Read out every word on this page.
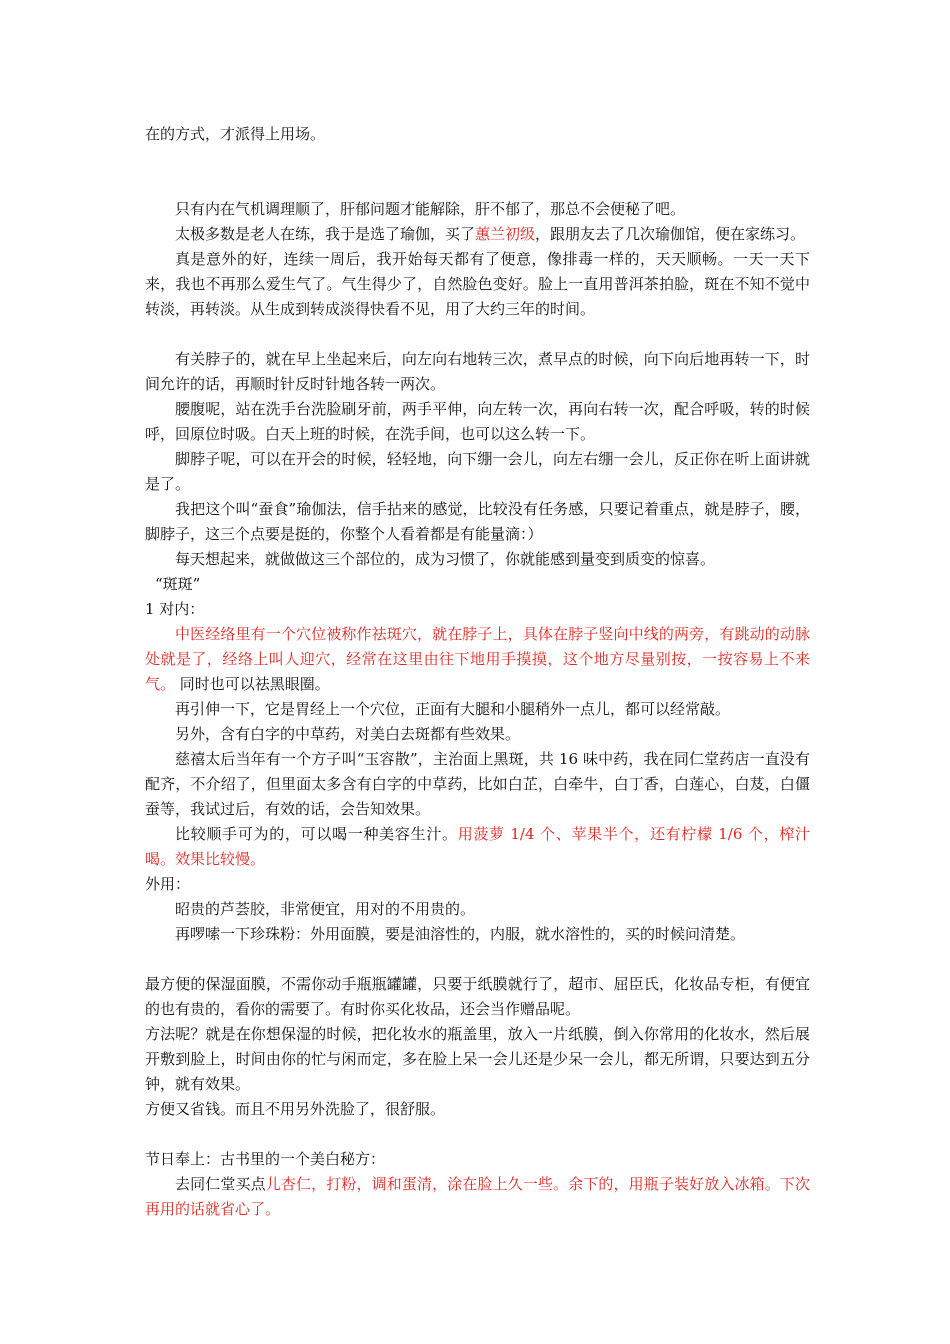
在的方式，才派得上用场。

只有内在气机调理顺了，肝郁问题才能解除，肝不郁了，那总不会便秘了吧。

太极多数是老人在练，我于是选了瑜伽，买了蕙兰初级，跟朋友去了几次瑜伽馆，便在家练习。

真是意外的好，连续一周后，我开始每天都有了便意，像排毒一样的，天天顺畅。一天一天下来，我也不再那么爱生气了。气生得少了，自然脸色变好。脸上一直用普洱茶拍脸，斑在不知不觉中转淡，再转淡。从生成到转成淡得快看不见，用了大约三年的时间。

有关脖子的，就在早上坐起来后，向左向右地转三次，煮早点的时候，向下向后地再转一下，时间允许的话，再顺时针反时针地各转一两次。

腰腹呢，站在洗手台洗脸刷牙前，两手平伸，向左转一次，再向右转一次，配合呼吸，转的时候呼，回原位时吸。白天上班的时候，在洗手间，也可以这么转一下。

脚脖子呢，可以在开会的时候，轻轻地，向下绷一会儿，向左右绷一会儿，反正你在听上面讲就是了。

我把这个叫“蚕食”瑜伽法，信手拈来的感觉，比较没有任务感，只要记着重点，就是脖子，腰，脚脖子，这三个点要是挺的，你整个人看着都是有能量滴：）

每天想起来，就做做这三个部位的，成为习惯了，你就能感到量变到质变的惊喜。

“斑斑”

1 对内：

中医经络里有一个穴位被称作祛斑穴，就在脖子上，具体在脖子竖向中线的两旁，有跳动的动脉处就是了，经络上叫人迎穴，经常在这里由往下地用手摸摸，这个地方尽量别按，一按容易上不来气。 同时也可以祛黑眼圈。

再引伸一下，它是胃经上一个穴位，正面有大腿和小腿稍外一点儿，都可以经常敲。

另外，含有白字的中草药，对美白去斑都有些效果。

慈禧太后当年有一个方子叫“玉容散”，主治面上黑斑，共 16 味中药，我在同仁堂药店一直没有配齐，不介绍了，但里面太多含有白字的中草药，比如白芷，白牵牛，白丁香，白莲心，白芨，白僵蚕等，我试过后，有效的话，会告知效果。

比较顺手可为的，可以喝一种美容生汁。用菠萝 1/4 个、苹果半个，还有柠檬 1/6 个，榨汁喝。效果比较慢。

外用：

昭贵的芦荟胶，非常便宜，用对的不用贵的。

再啰嗦一下珍珠粉：外用面膜，要是油溶性的，内服，就水溶性的，买的时候问清楚。

最方便的保湿面膜，不需你动手瓶瓶罐罐，只要于纸膜就行了，超市、屈臣氏，化妆品专柜，有便宜的也有贵的，看你的需要了。有时你买化妆品，还会当作赠品呢。

方法呢？就是在你想保湿的时候，把化妆水的瓶盖里，放入一片纸膜，倒入你常用的化妆水，然后展开敷到脸上，时间由你的忙与闲而定，多在脸上呆一会儿还是少呆一会儿，都无所谓，只要达到五分钟，就有效果。

方便又省钱。而且不用另外洗脸了，很舒服。

节日奉上：古书里的一个美白秘方：

去同仁堂买点儿杏仁，打粉，调和蛋清，涂在脸上久一些。余下的，用瓶子装好放入冰箱。下次再用的话就省心了。
